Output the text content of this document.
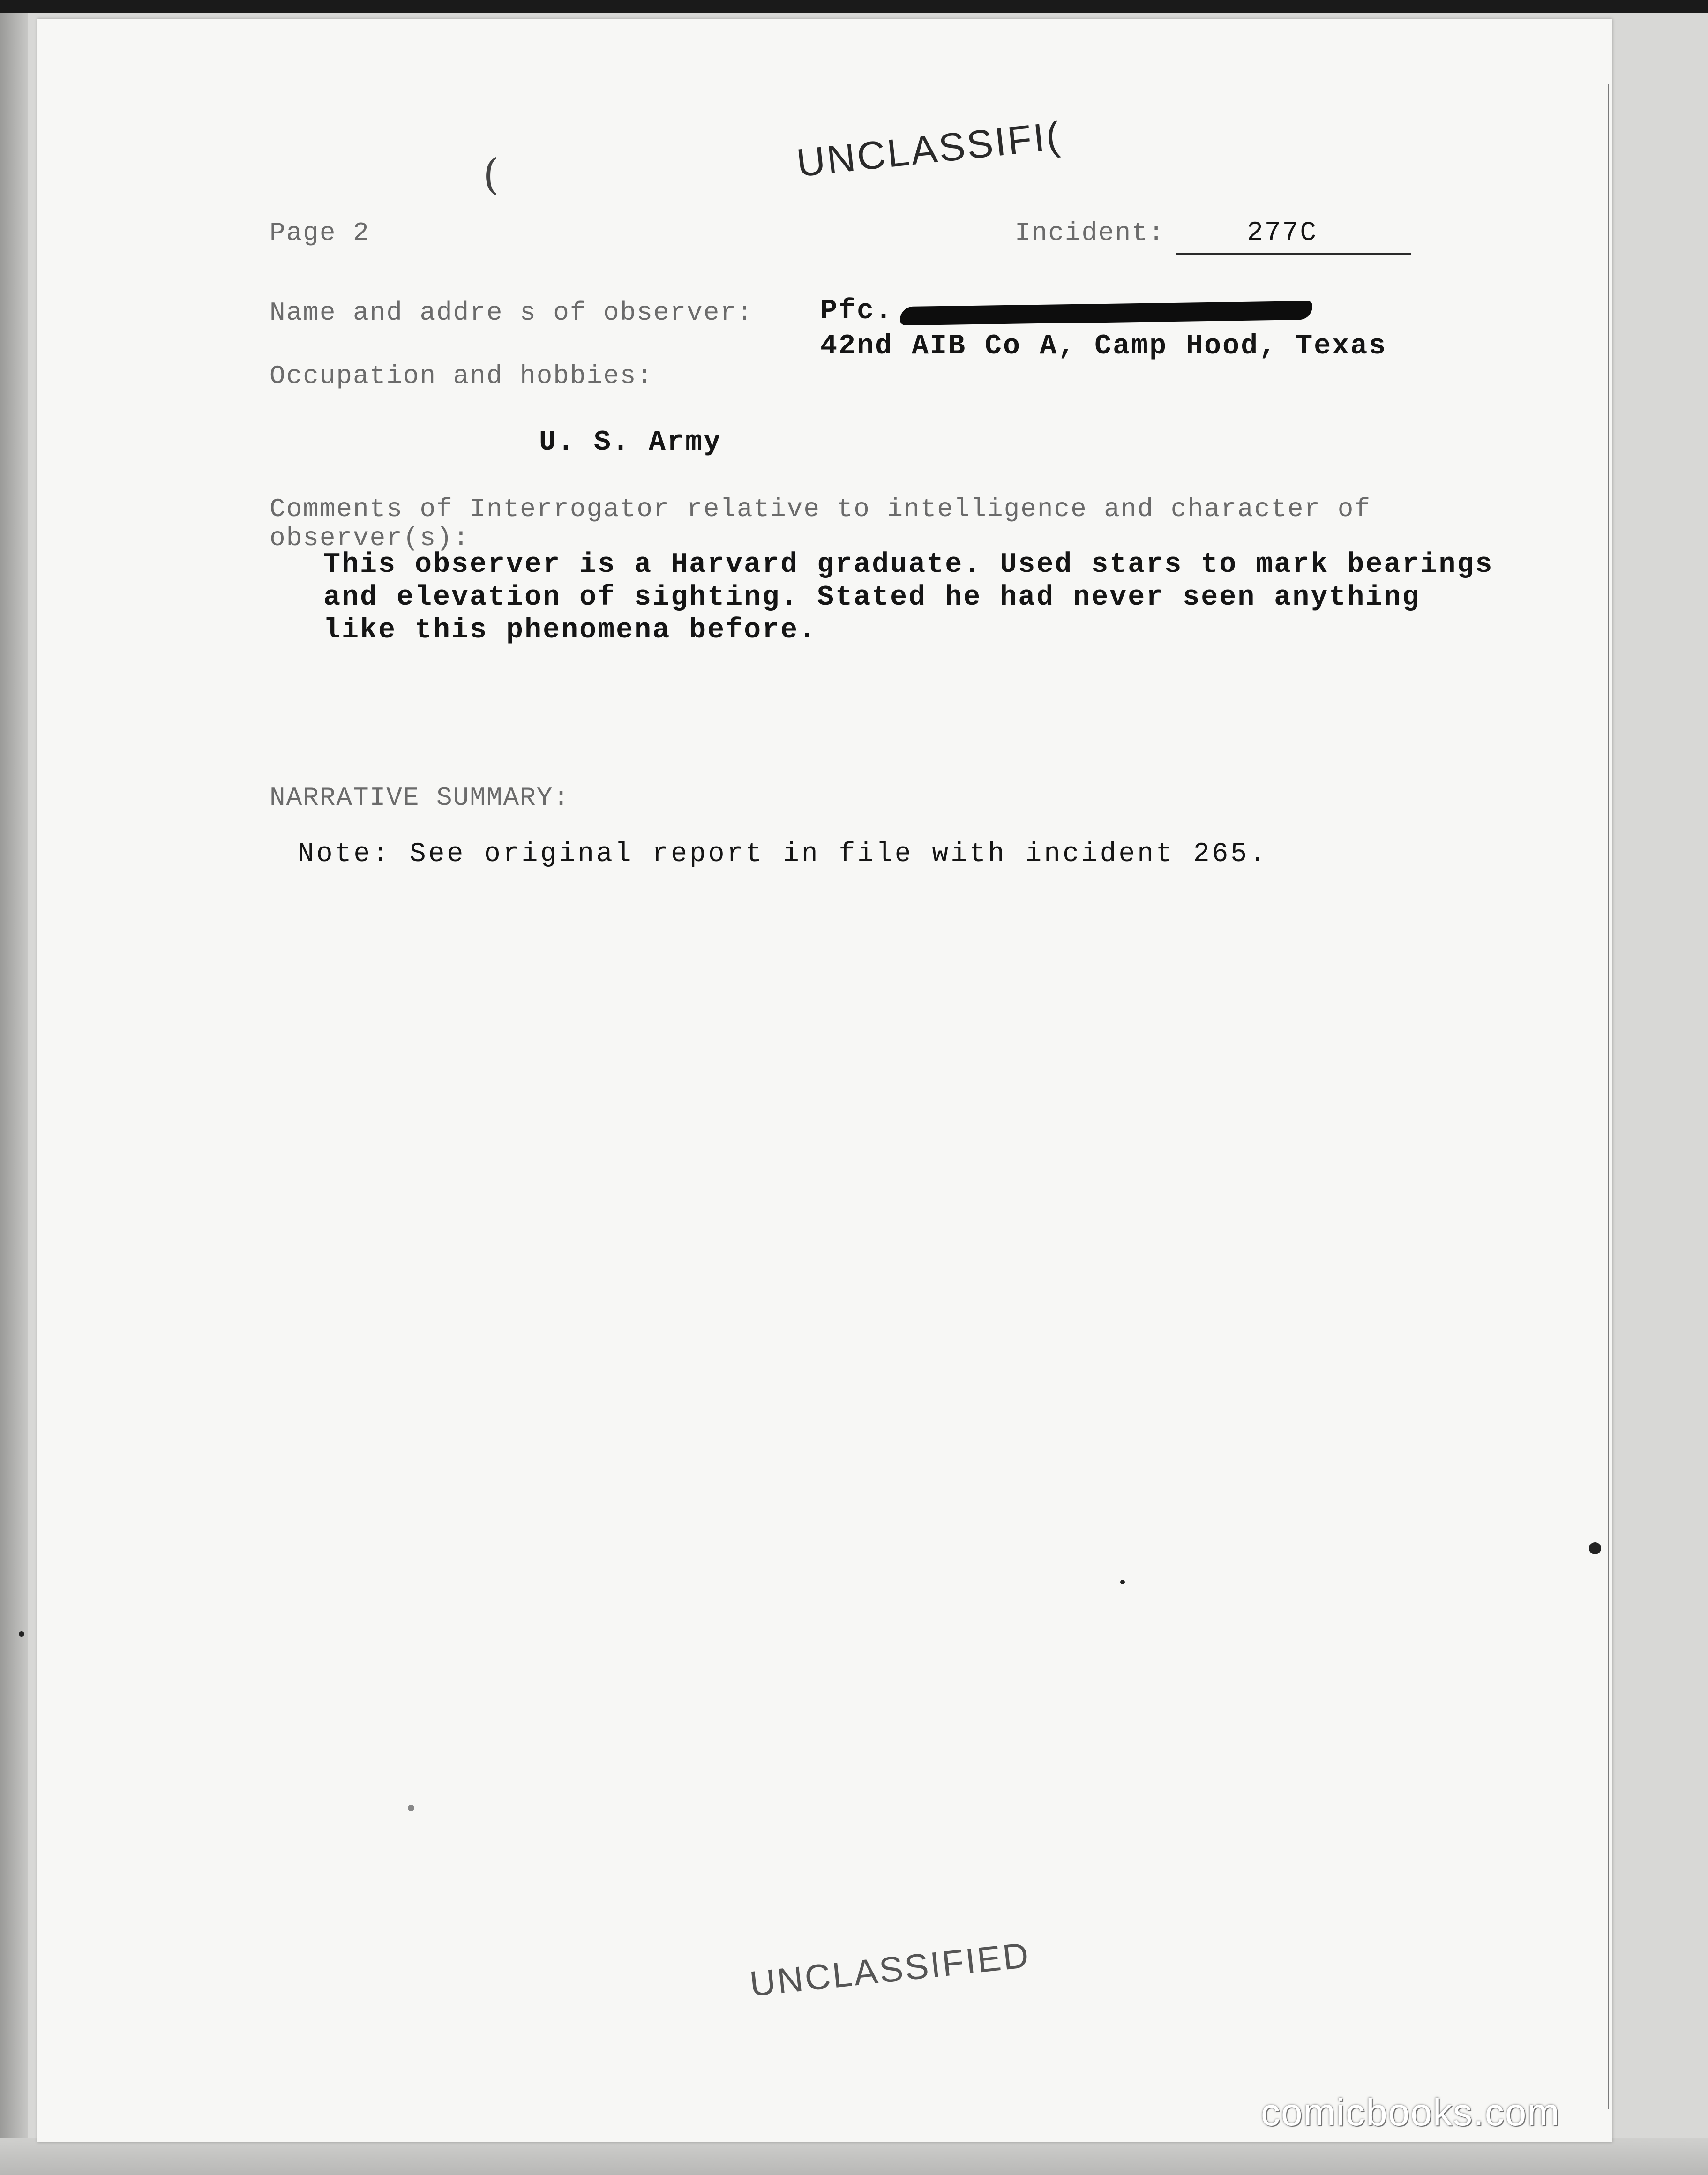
(	UNCLASSIFI(
Page 2	Incident:	277C
Name and addre s of observer: Pfc.
42nd AIB Co A, Camp Hood, Texas
Occupation and hobbies:
U. S. Army
Comments of Interrogator relative to intelligence and character of
observer(s):
This observer is a Harvard graduate. Used stars to mark bearings
and elevation of sighting. Stated he had never seen anything
like this phenomena before.
NARRATIVE SUMMARY:
Note: See original report in file with incident 265.
UNCLASSIFIED
comicbooks.com
